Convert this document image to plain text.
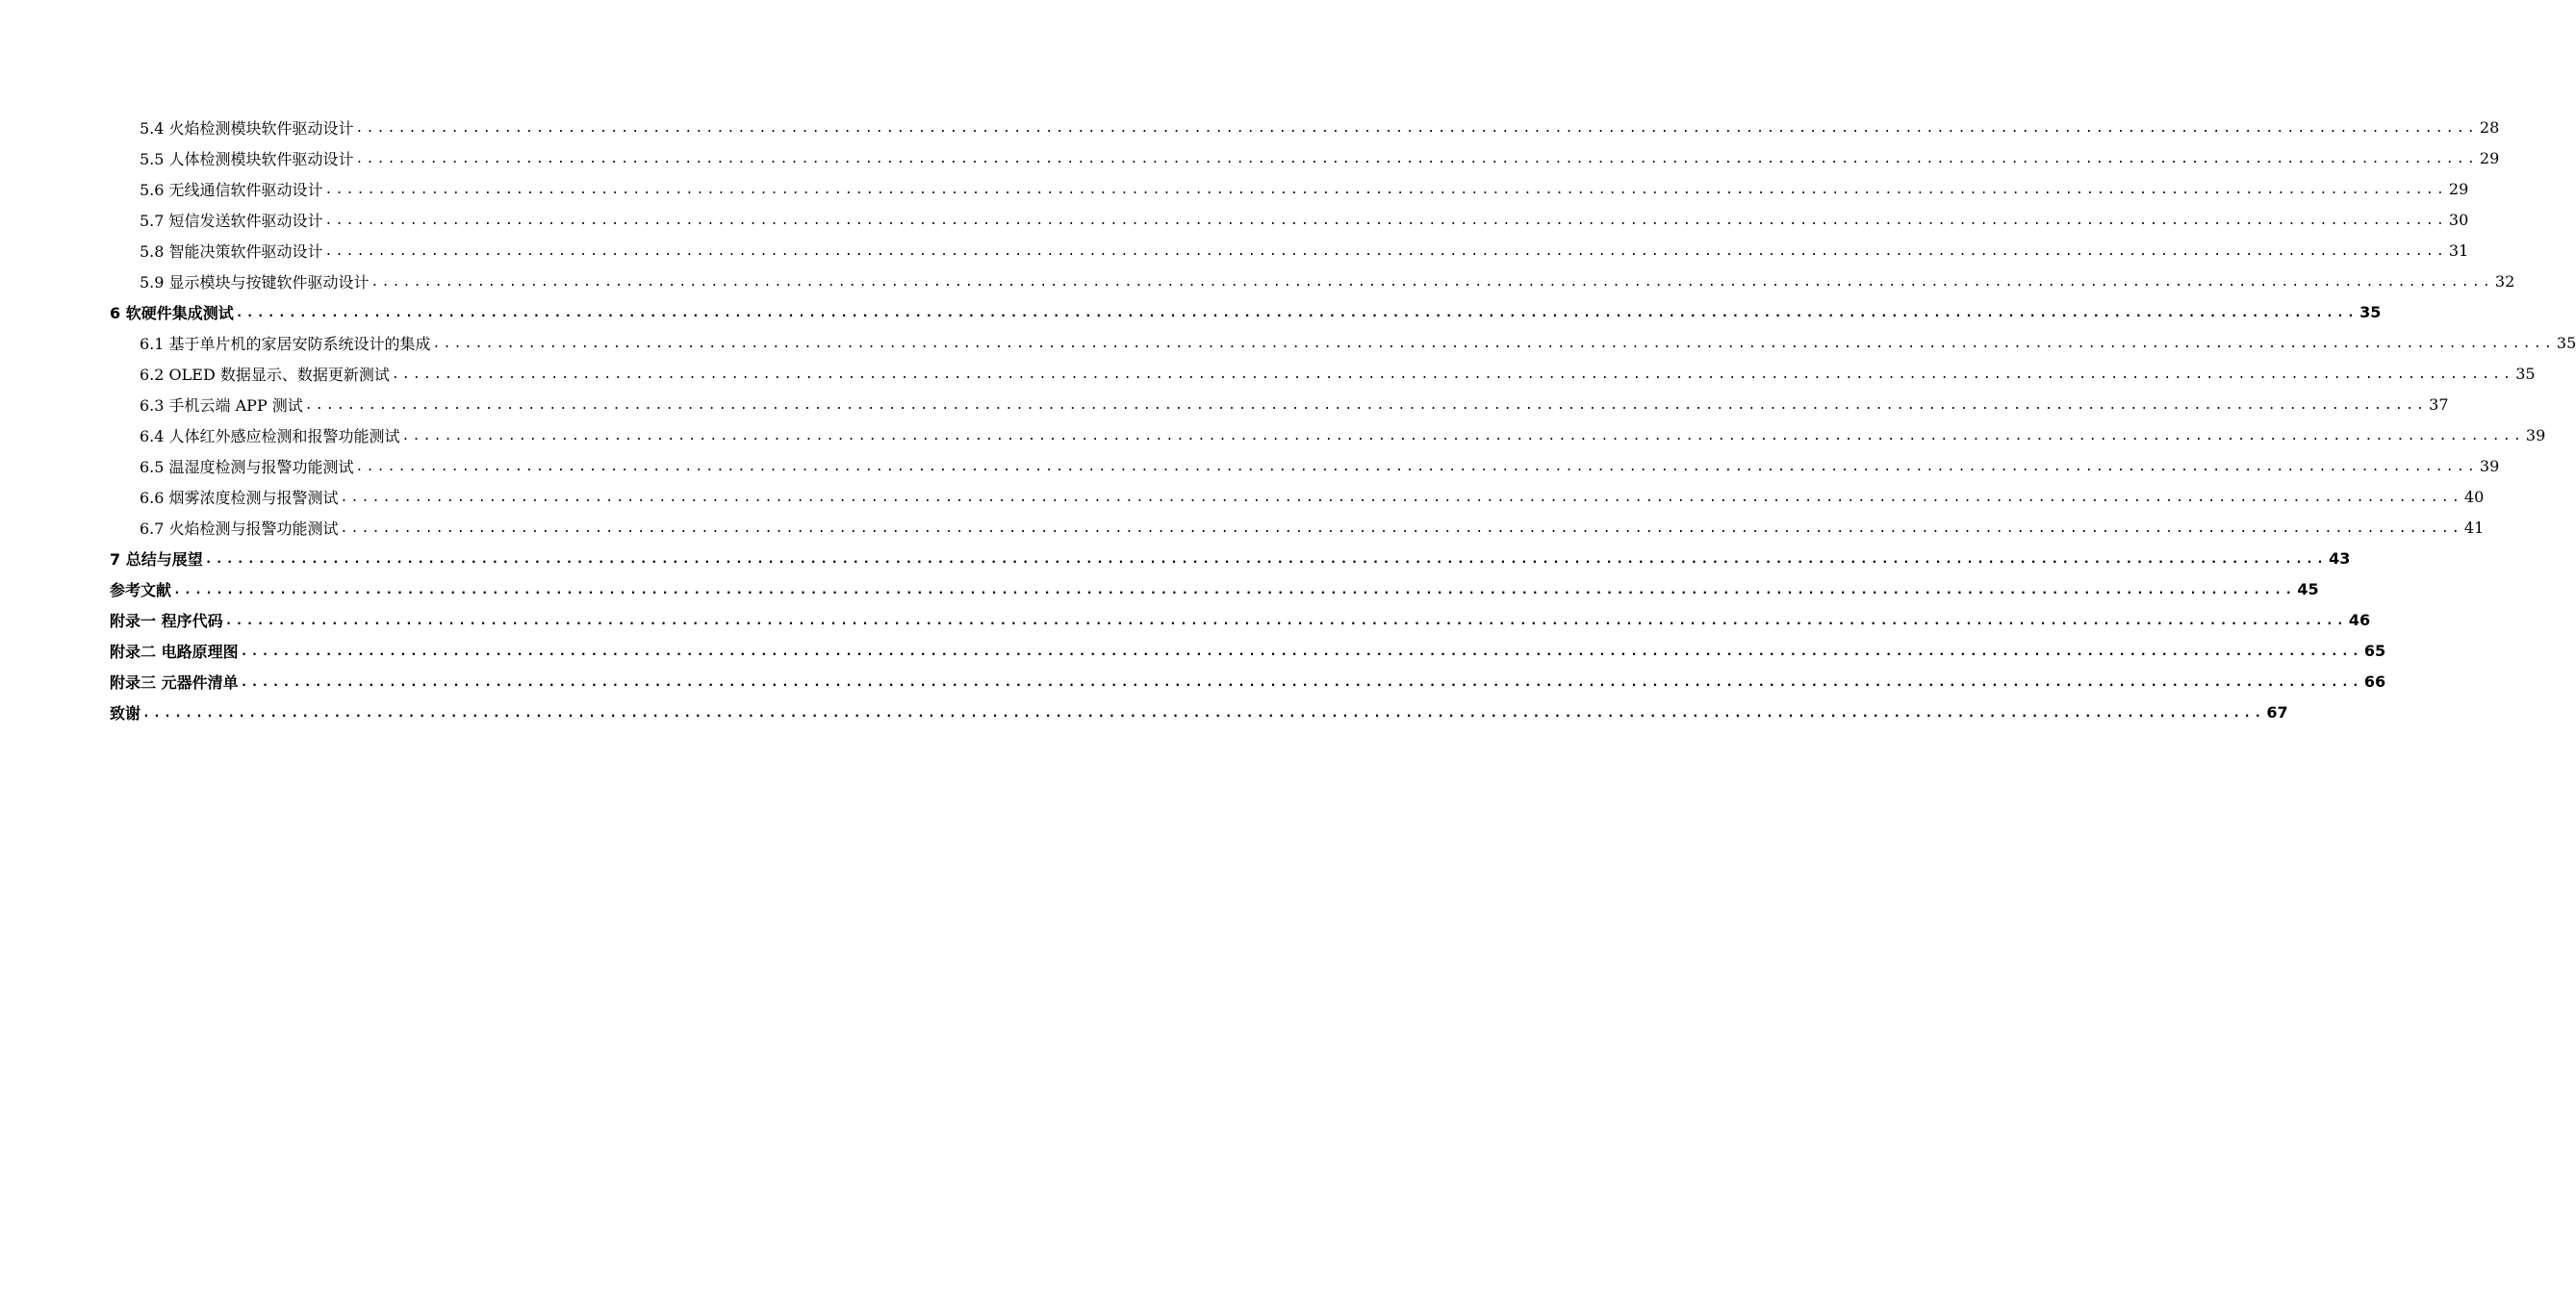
5.4 火焰检测模块软件驱动设计 ........................................................................................................................................................................................................ 28
5.5 人体检测模块软件驱动设计 ........................................................................................................................................................................................................ 29
5.6 无线通信软件驱动设计 ........................................................................................................................................................................................................ 29
5.7 短信发送软件驱动设计 ........................................................................................................................................................................................................ 30
5.8 智能决策软件驱动设计 ........................................................................................................................................................................................................ 31
5.9 显示模块与按键软件驱动设计 ........................................................................................................................................................................................................ 32
6 软硬件集成测试 ........................................................................................................................................................................................................ 35
6.1 基于单片机的家居安防系统设计的集成 ........................................................................................................................................................................................................ 35
6.2 OLED 数据显示、数据更新测试 ........................................................................................................................................................................................................ 35
6.3 手机云端 APP 测试 ........................................................................................................................................................................................................ 37
6.4 人体红外感应检测和报警功能测试 ........................................................................................................................................................................................................ 39
6.5 温湿度检测与报警功能测试 ........................................................................................................................................................................................................ 39
6.6 烟雾浓度检测与报警测试 ........................................................................................................................................................................................................ 40
6.7 火焰检测与报警功能测试 ........................................................................................................................................................................................................ 41
7 总结与展望 ........................................................................................................................................................................................................ 43
参考文献 ........................................................................................................................................................................................................ 45
附录一 程序代码 ........................................................................................................................................................................................................ 46
附录二 电路原理图 ........................................................................................................................................................................................................ 65
附录三 元器件清单 ........................................................................................................................................................................................................ 66
致谢 ........................................................................................................................................................................................................ 67
